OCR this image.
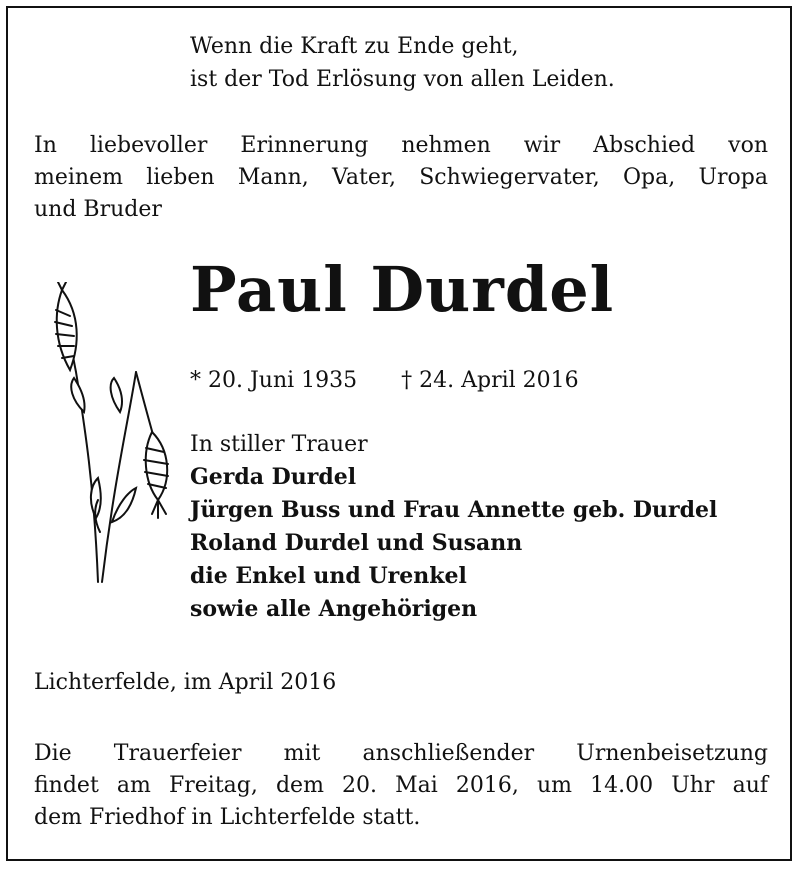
Wenn die Kraft zu Ende geht,
ist der Tod Erlösung von allen Leiden.
In liebevoller Erinnerung nehmen wir Abschied von
meinem lieben Mann, Vater, Schwiegervater, Opa, Uropa
und Bruder
Paul Durdel
* 20. Juni 1935 † 24. April 2016
In stiller Trauer
Gerda Durdel
Jürgen Buss und Frau Annette geb. Durdel
Roland Durdel und Susann
die Enkel und Urenkel
sowie alle Angehörigen
Lichterfelde, im April 2016
Die Trauerfeier mit anschließender Urnenbeisetzung
findet am Freitag, dem 20. Mai 2016, um 14.00 Uhr auf
dem Friedhof in Lichterfelde statt.
